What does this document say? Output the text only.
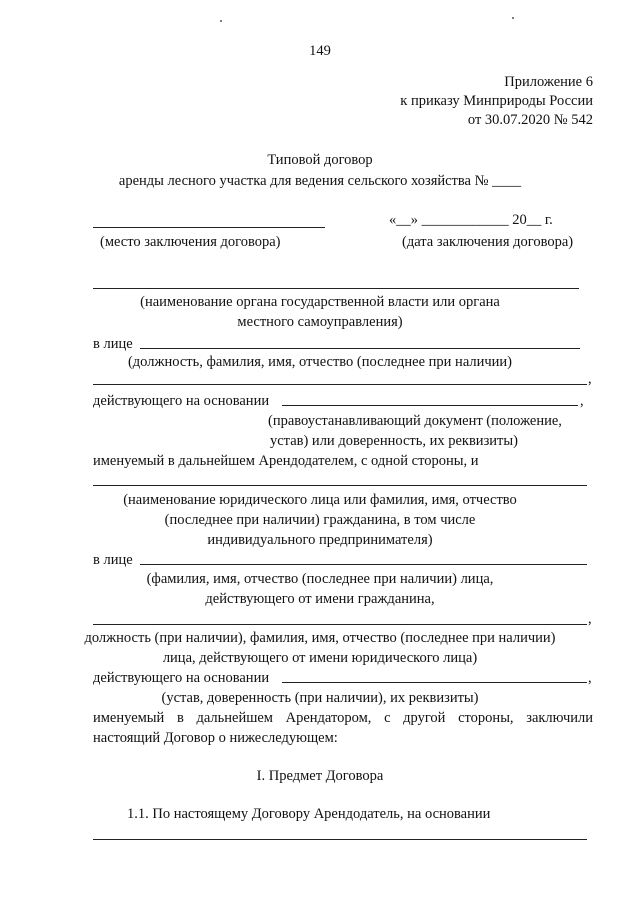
149
Приложение 6
к приказу Минприроды России
от 30.07.2020 № 542
Типовой договор
аренды лесного участка для ведения сельского хозяйства № ____
«__» ____________ 20__ г.
(место заключения договора)	(дата заключения договора)
(наименование органа государственной власти или органа
местного самоуправления)
в лице
(должность, фамилия, имя, отчество (последнее при наличии)
,
действующего на основании	,
(правоустанавливающий документ (положение,
устав) или доверенность, их реквизиты)
именуемый в дальнейшем Арендодателем, с одной стороны, и
(наименование юридического лица или фамилия, имя, отчество
(последнее при наличии) гражданина, в том числе
индивидуального предпринимателя)
в лице
(фамилия, имя, отчество (последнее при наличии) лица,
действующего от имени гражданина,
,
должность (при наличии), фамилия, имя, отчество (последнее при наличии)
лица, действующего от имени юридического лица)
действующего на основании	,
(устав, доверенность (при наличии), их реквизиты)
именуемый в дальнейшем Арендатором, с другой стороны, заключили
настоящий Договор о нижеследующем:
I. Предмет Договора
1.1. По настоящему Договору Арендодатель, на основании
